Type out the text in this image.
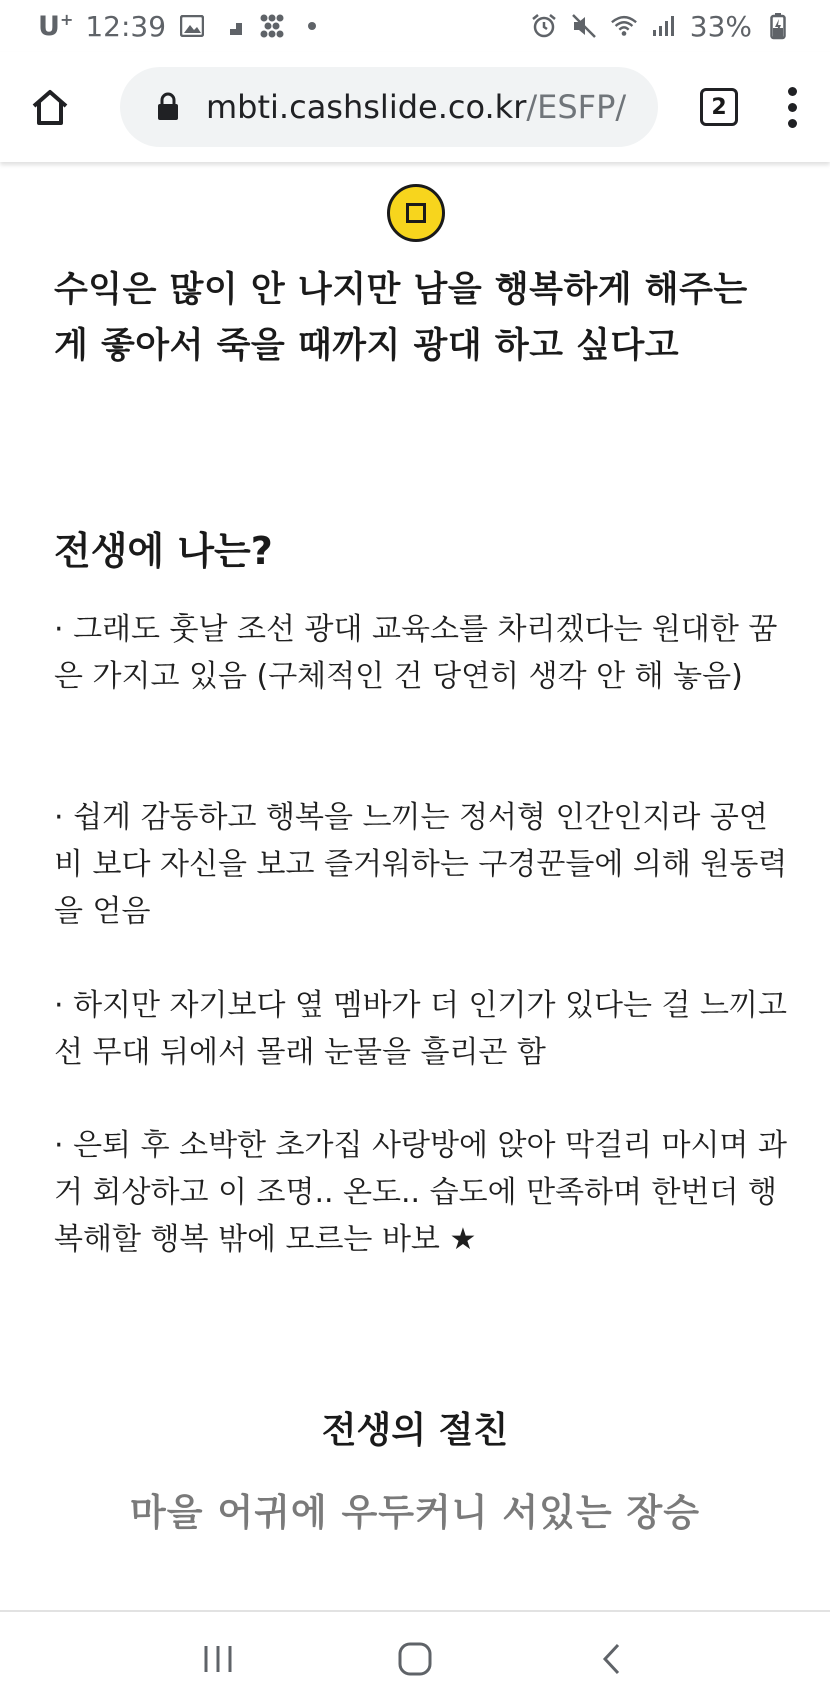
U+ 12:39	33%
mbti.cashslide.co.kr /ESFP/	2
수익은 많이 안 나지만 남을 행복하게 해주는 게 좋아서 죽을 때까지 광대 하고 싶다고
전생에 나는?
· 그래도 훗날 조선 광대 교육소를 차리겠다는 원대한 꿈은 가지고 있음 (구체적인 건 당연히 생각 안 해 놓음)
· 쉽게 감동하고 행복을 느끼는 정서형 인간인지라 공연비 보다 자신을 보고 즐거워하는 구경꾼들에 의해 원동력을 얻음
· 하지만 자기보다 옆 멤바가 더 인기가 있다는 걸 느끼고선 무대 뒤에서 몰래 눈물을 흘리곤 함
· 은퇴 후 소박한 초가집 사랑방에 앉아 막걸리 마시며 과거 회상하고 이 조명.. 온도.. 습도에 만족하며 한번더 행복해할 행복 밖에 모르는 바보 ★
전생의 절친
마을 어귀에 우두커니 서있는 장승
